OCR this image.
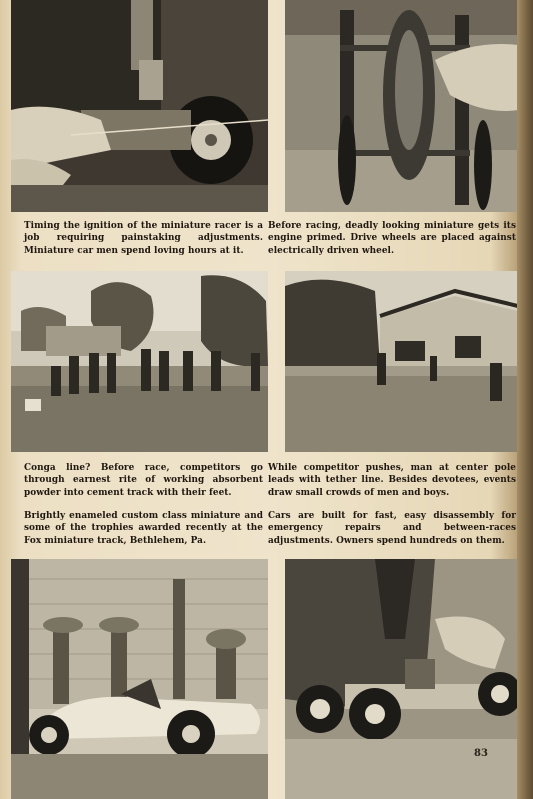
Timing the ignition of the miniature racer is a job requiring painstaking adjustments. Miniature car men spend loving hours at it.

Before racing, deadly looking miniature gets its engine primed. Drive wheels are placed against electrically driven wheel.

Conga line? Before race, competitors go through earnest rite of working absorbent powder into cement track with their feet.

While competitor pushes, man at center pole leads with tether line. Besides devotees, events draw small crowds of men and boys.

Brightly enameled custom class miniature and some of the trophies awarded recently at the Fox miniature track, Bethlehem, Pa.

Cars are built for fast, easy disassembly for emergency repairs and between-races adjustments. Owners spend hundreds on them.

83
